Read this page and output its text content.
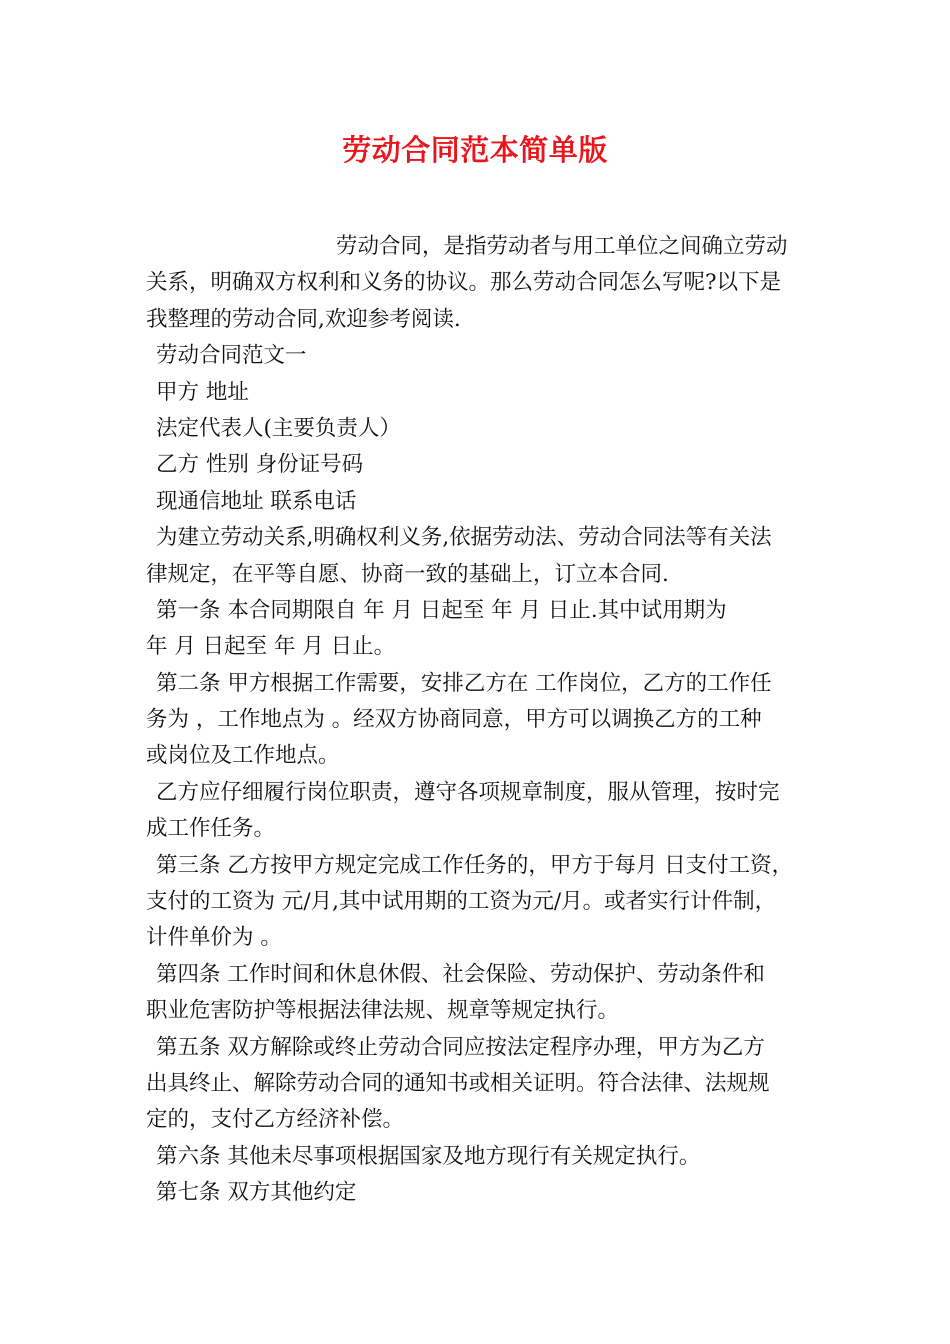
劳动合同范本简单版
劳动合同，是指劳动者与用工单位之间确立劳动
关系，明确双方权利和义务的协议。那么劳动合同怎么写呢?以下是
我整理的劳动合同,欢迎参考阅读.
劳动合同范文一
甲方 地址
法定代表人(主要负责人）
乙方 性别 身份证号码
现通信地址 联系电话
为建立劳动关系,明确权利义务,依据劳动法、劳动合同法等有关法
律规定，在平等自愿、协商一致的基础上，订立本合同.
第一条 本合同期限自 年 月 日起至 年 月 日止.其中试用期为
年 月 日起至 年 月 日止。
第二条 甲方根据工作需要，安排乙方在 工作岗位，乙方的工作任
务为 ，工作地点为 。经双方协商同意，甲方可以调换乙方的工种
或岗位及工作地点。
乙方应仔细履行岗位职责，遵守各项规章制度，服从管理，按时完
成工作任务。
第三条 乙方按甲方规定完成工作任务的，甲方于每月 日支付工资，
支付的工资为 元/月,其中试用期的工资为元/月。或者实行计件制，
计件单价为 。
第四条 工作时间和休息休假、社会保险、劳动保护、劳动条件和
职业危害防护等根据法律法规、规章等规定执行。
第五条 双方解除或终止劳动合同应按法定程序办理，甲方为乙方
出具终止、解除劳动合同的通知书或相关证明。符合法律、法规规
定的，支付乙方经济补偿。
第六条 其他未尽事项根据国家及地方现行有关规定执行。
第七条 双方其他约定
